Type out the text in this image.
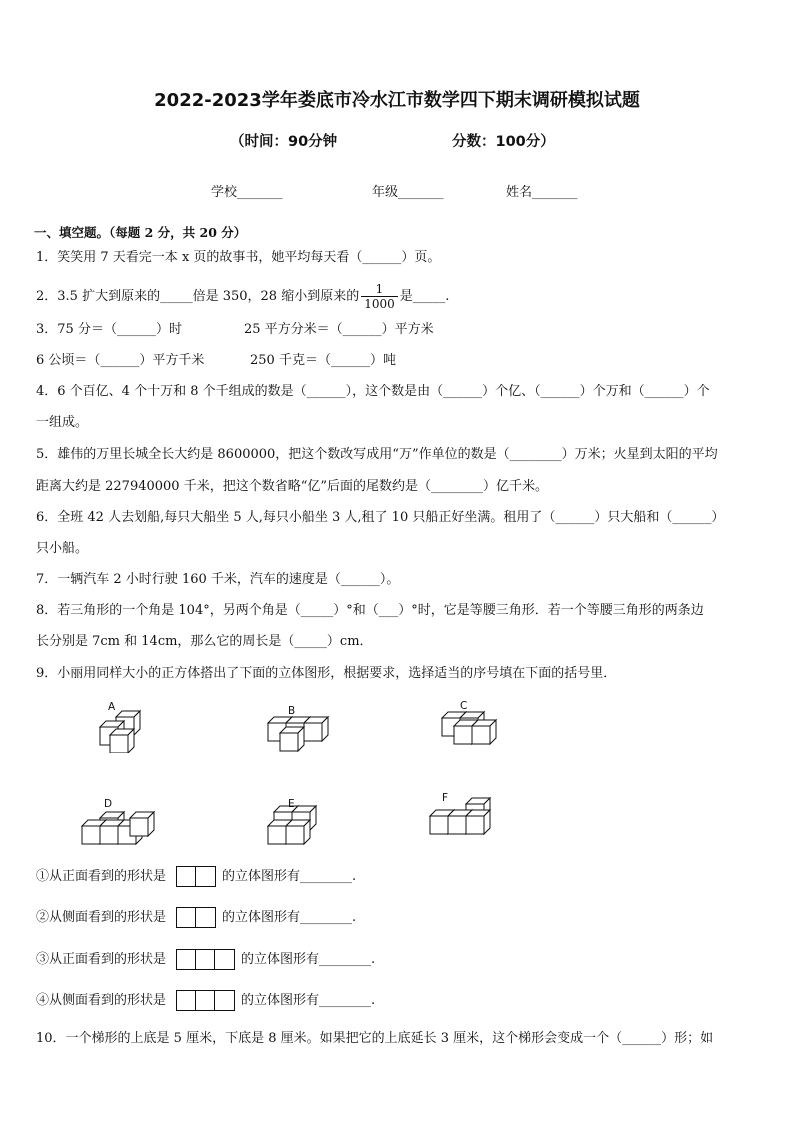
2022-2023学年娄底市冷水江市数学四下期末调研模拟试题
（时间：90分钟	分数：100分）
学校_______	年级_______	姓名_______
一、填空题。（每题 2 分，共 20 分）
1．笑笑用 7 天看完一本 x 页的故事书，她平均每天看（______）页。
2．3.5 扩大到原来的_____倍是 350，28 缩小到原来的 $\frac{1}{1000}$ 是_____.
3．75 分＝（______）时	25 平方分米＝（______）平方米
6 公顷＝（______）平方千米	250 千克＝（______）吨
4．6 个百亿、4 个十万和 8 个千组成的数是（______），这个数是由（______）个亿、（______）个万和（______）个
一组成。
5．雄伟的万里长城全长大约是 8600000，把这个数改写成用“万”作单位的数是（________）万米；火星到太阳的平均
距离大约是 227940000 千米，把这个数省略“亿”后面的尾数约是（________）亿千米。
6．全班 42 人去划船,每只大船坐 5 人,每只小船坐 3 人,租了 10 只船正好坐满。租用了（______）只大船和（______）
只小船。
7．一辆汽车 2 小时行驶 160 千米，汽车的速度是（______）。
8．若三角形的一个角是 104°，另两个角是（_____）°和（___）°时，它是等腰三角形．若一个等腰三角形的两条边
长分别是 7cm 和 14cm，那么它的周长是（_____）cm．
9．小丽用同样大小的正方体搭出了下面的立体图形，根据要求，选择适当的序号填在下面的括号里．
A	B	C
D	E	F
①从正面看到的形状是	的立体图形有________.
②从侧面看到的形状是	的立体图形有________.
③从正面看到的形状是	的立体图形有________.
④从侧面看到的形状是	的立体图形有________.
10．一个梯形的上底是 5 厘米，下底是 8 厘米。如果把它的上底延长 3 厘米，这个梯形会变成一个（______）形；如
